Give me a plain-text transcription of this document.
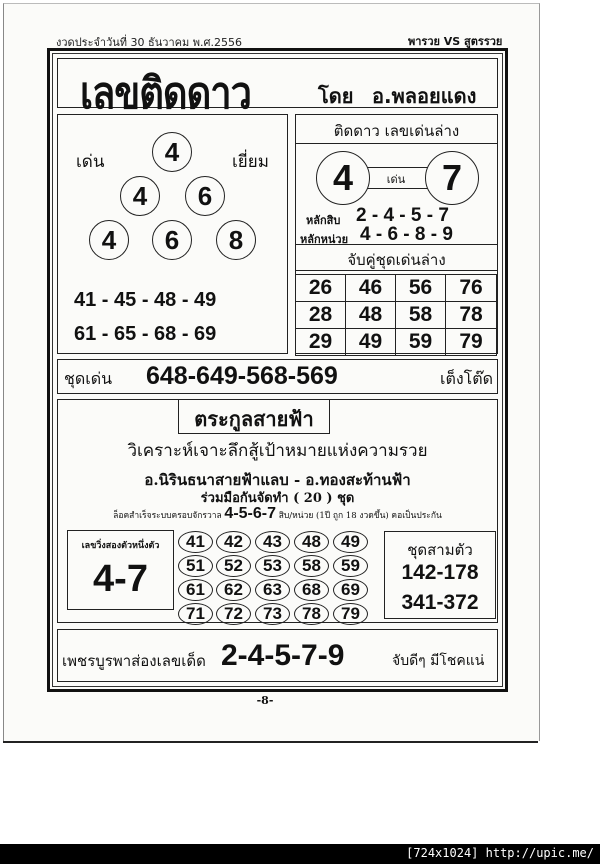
งวดประจำวันที่ 30 ธันวาคม พ.ศ.2556	พารวย VS สูตรรวย
เลขติดดาว	โดย อ.พลอยแดง
เด่น	เยี่ยม
4
4	6
4	6	8
41 - 45 - 48 - 49
61 - 65 - 68 - 69
ติดดาว เลขเด่นล่าง
เด่น
4	7
หลักสิบ 2 - 4 - 5 - 7
หลักหน่วย 4 - 6 - 8 - 9
จับคู่ชุดเด่นล่าง
26	46	56	76
28	48	58	78
29	49	59	79
ชุดเด่น 648-649-568-569	เต็งโต๊ด
ตระกูลสายฟ้า
วิเคราะห์เจาะลึกสู้เป้าหมายแห่งความรวย
อ.นิรินธนาสายฟ้าแลบ - อ.ทองสะท้านฟ้า
ร่วมมือกันจัดทำ ( 20 ) ชุด
ล็อคสำเร็จระบบครอบจักรวาล 4-5-6-7 สิบ/หน่วย (1ปี ถูก 18 งวดขึ้น) คอเป็นประกัน
เลขวิ่งสองตัวหนึ่งตัว
4-7
41	42	43	48	49
51	52	53	58	59
61	62	63	68	69
71	72	73	78	79
ชุดสามตัว
142-178
341-372
เพชรบูรพาส่องเลขเด็ด 2-4-5-7-9	จับดีๆ มีโชคแน่
-8-
[724x1024] http://upic.me/
